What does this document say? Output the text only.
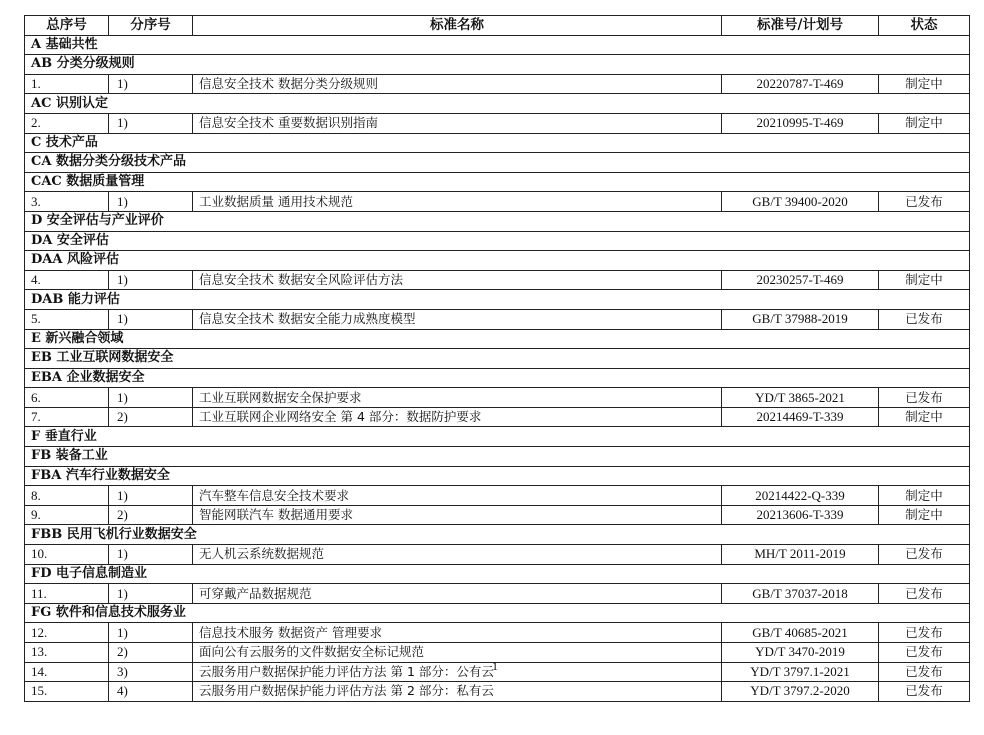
总序号	分序号	标准名称	标准号/计划号	状态
A 基础共性				
AB 分类分级规则				
1.	1)	信息安全技术 数据分类分级规则	20220787-T-469	制定中
AC 识别认定				
2.	1)	信息安全技术 重要数据识别指南	20210995-T-469	制定中
C 技术产品				
CA 数据分类分级技术产品				
CAC 数据质量管理				
3.	1)	工业数据质量 通用技术规范	GB/T 39400-2020	已发布
D 安全评估与产业评价				
DA 安全评估				
DAA 风险评估				
4.	1)	信息安全技术 数据安全风险评估方法	20230257-T-469	制定中
DAB 能力评估				
5.	1)	信息安全技术 数据安全能力成熟度模型	GB/T 37988-2019	已发布
E 新兴融合领域				
EB 工业互联网数据安全				
EBA 企业数据安全				
6.	1)	工业互联网数据安全保护要求	YD/T 3865-2021	已发布
7.	2)	工业互联网企业网络安全 第 4 部分：数据防护要求	20214469-T-339	制定中
F 垂直行业				
FB 装备工业				
FBA 汽车行业数据安全				
8.	1)	汽车整车信息安全技术要求	20214422-Q-339	制定中
9.	2)	智能网联汽车 数据通用要求	20213606-T-339	制定中
FBB 民用飞机行业数据安全				
10.	1)	无人机云系统数据规范	MH/T 2011-2019	已发布
FD 电子信息制造业				
11.	1)	可穿戴产品数据规范	GB/T 37037-2018	已发布
FG 软件和信息技术服务业				
12.	1)	信息技术服务 数据资产 管理要求	GB/T 40685-2021	已发布
13.	2)	面向公有云服务的文件数据安全标记规范	YD/T 3470-2019	已发布
14.	3)	云服务用户数据保护能力评估方法 第 1 部分：公有云	YD/T 3797.1-2021	已发布
15.	4)	云服务用户数据保护能力评估方法 第 2 部分：私有云	YD/T 3797.2-2020	已发布
1
